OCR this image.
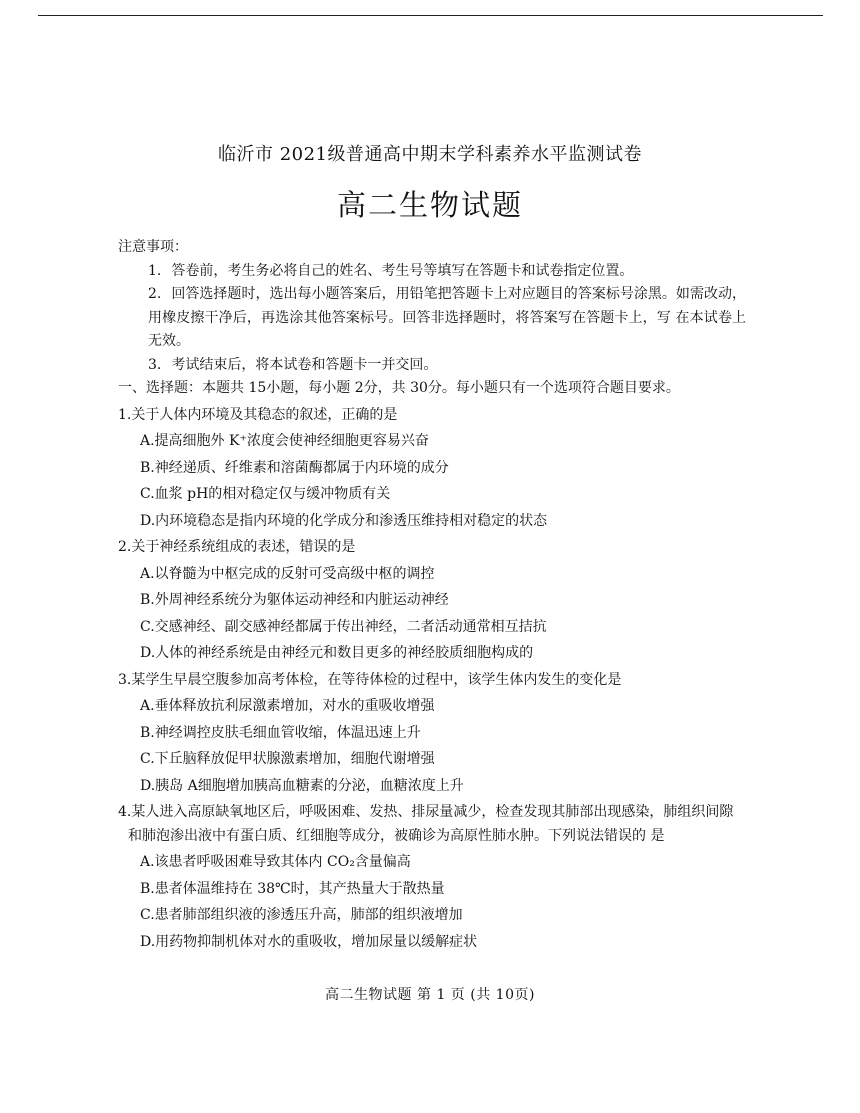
临沂市 2021级普通高中期末学科素养水平监测试卷
高二生物试题
注意事项：
1. 答卷前，考生务必将自己的姓名、考生号等填写在答题卡和试卷指定位置。
2. 回答选择题时，选出每小题答案后，用铅笔把答题卡上对应题目的答案标号涂黑。如需改动，用橡皮擦干净后，再选涂其他答案标号。回答非选择题时，将答案写在答题卡上，写 在本试卷上无效。
3. 考试结束后，将本试卷和答题卡一并交回。
一、选择题：本题共 15小题，每小题 2分，共 30分。每小题只有一个选项符合题目要求。
1.关于人体内环境及其稳态的叙述，正确的是
A.提高细胞外 K⁺浓度会使神经细胞更容易兴奋
B.神经递质、纤维素和溶菌酶都属于内环境的成分
C.血浆 pH的相对稳定仅与缓冲物质有关
D.内环境稳态是指内环境的化学成分和渗透压维持相对稳定的状态
2.关于神经系统组成的表述，错误的是
A.以脊髓为中枢完成的反射可受高级中枢的调控
B.外周神经系统分为躯体运动神经和内脏运动神经
C.交感神经、副交感神经都属于传出神经，二者活动通常相互拮抗
D.人体的神经系统是由神经元和数目更多的神经胶质细胞构成的
3.某学生早晨空腹参加高考体检，在等待体检的过程中，该学生体内发生的变化是
A.垂体释放抗利尿激素增加，对水的重吸收增强
B.神经调控皮肤毛细血管收缩，体温迅速上升
C.下丘脑释放促甲状腺激素增加，细胞代谢增强
D.胰岛 A细胞增加胰高血糖素的分泌，血糖浓度上升
4.某人进入高原缺氧地区后，呼吸困难、发热、排尿量减少，检查发现其肺部出现感染，肺组织间隙和肺泡渗出液中有蛋白质、红细胞等成分，被确诊为高原性肺水肿。下列说法错误的 是
A.该患者呼吸困难导致其体内 CO₂含量偏高
B.患者体温维持在 38℃时，其产热量大于散热量
C.患者肺部组织液的渗透压升高，肺部的组织液增加
D.用药物抑制机体对水的重吸收，增加尿量以缓解症状
高二生物试题 第 1 页 (共 10页)
